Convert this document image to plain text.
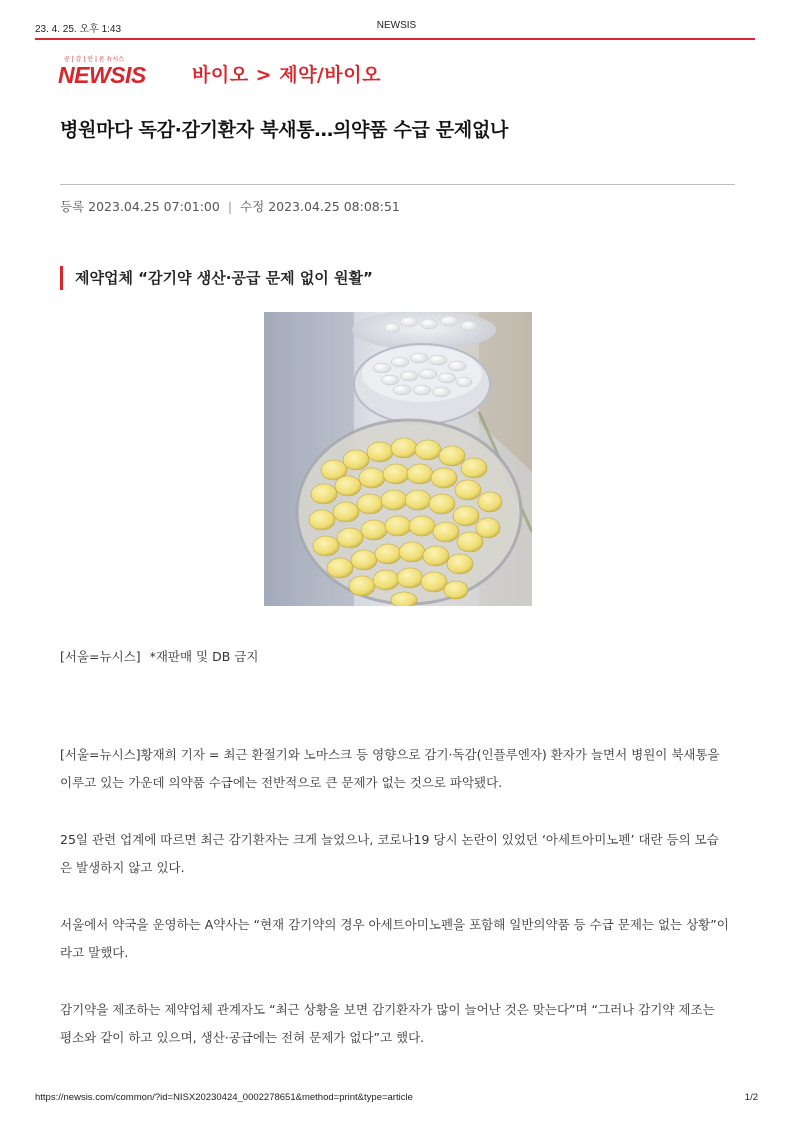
23. 4. 25. 오후 1:43	NEWSIS
공 | 감 | 언 | 론 뉴시스
NEWSIS 바이오 > 제약/바이오
병원마다 독감·감기환자 북새통…의약품 수급 문제없나
등록 2023.04.25 07:01:00 | 수정 2023.04.25 08:08:51
제약업체 “감기약 생산·공급 문제 없이 원활”
[서울=뉴시스] *재판매 및 DB 금지

[서울=뉴시스]황재희 기자 = 최근 환절기와 노마스크 등 영향으로 감기·독감(인플루엔자) 환자가 늘면서 병원이 북새통을 이루고 있는 가운데 의약품 수급에는 전반적으로 큰 문제가 없는 것으로 파악됐다.

25일 관련 업계에 따르면 최근 감기환자는 크게 늘었으나, 코로나19 당시 논란이 있었던 ‘아세트아미노펜’ 대란 등의 모습은 발생하지 않고 있다.

서울에서 약국을 운영하는 A약사는 “현재 감기약의 경우 아세트아미노펜을 포함해 일반의약품 등 수급 문제는 없는 상황”이라고 말했다.

감기약을 제조하는 제약업체 관계자도 “최근 상황을 보면 감기환자가 많이 늘어난 것은 맞는다”며 “그러나 감기약 제조는 평소와 같이 하고 있으며, 생산·공급에는 전혀 문제가 없다”고 했다.

https://newsis.com/common/?id=NISX20230424_0002278651&method=print&type=article	1/2
